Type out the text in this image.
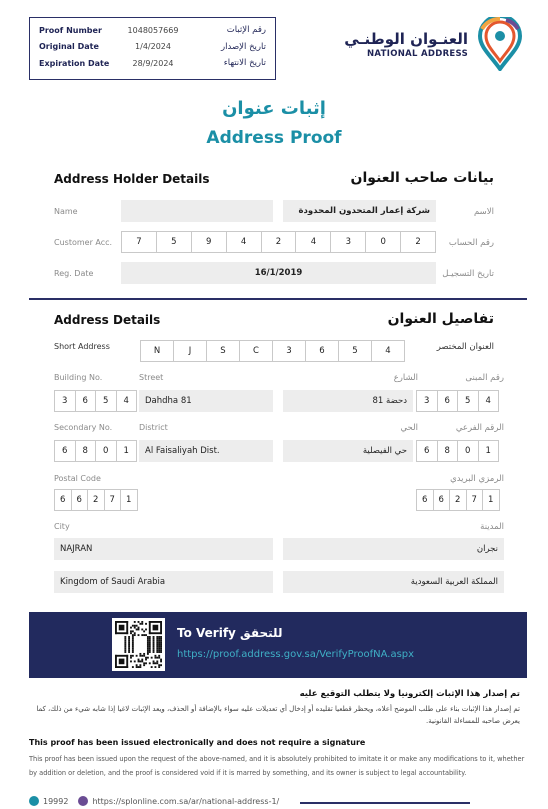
Proof Number	1048057669	رقم الإثبات
Original Date	1/4/2024	تاريخ الإصدار
Expiration Date	28/9/2024	تاريخ الانتهاء
العنـوان الوطنـي
NATIONAL ADDRESS
إثبات عنوان
Address Proof
Address Holder Details	بيانات صاحب العنوان
Name	شركة إعمار المتحدون المحدودة	الاسم
Customer Acc.	7	5	9	4	2	4	3	0	2	رقم الحساب
Reg. Date	16/1/2019	تاريخ التسجيـل
Address Details	تفاصيل العنوان
Short Address	N	J	S	C	3	6	5	4	العنوان المختصر
Building No.	Street	الشارع	رقم المبنى
3	6	5	4	Dahdha 81	دحضة 81	3	6	5	4
Secondary No.	District	الحي	الرقم الفرعي
6	8	0	1	Al Faisaliyah Dist.	حي الفيصلية	6	8	0	1
Postal Code	الرمزي البريدي
6	6	2	7	1	6	6	2	7	1
City	المدينة
NAJRAN	نجران
Kingdom of Saudi Arabia	المملكة العربية السعودية
To Verify للتحقق
https://proof.address.gov.sa/VerifyProofNA.aspx
تم إصدار هذا الإثبات إلكترونيا ولا يتطلب التوقيع عليه
تم إصدار هذا الإثبات بناء على طلب الموضح أعلاه، ويحظر قطعيا تقليده أو إدخال أي تعديلات عليه سواء بالإضافة أو الحذف، ويعد الإثبات لاغيا إذا شابه شيء من ذلك، كما يعرض صاحبه للمساءلة القانونية.
This proof has been issued electronically and does not require a signature
This proof has been issued upon the request of the above-named, and it is absolutely prohibited to imitate it or make any modifications to it, whether by addition or deletion, and the proof is considered void if it is marred by something, and its owner is subject to legal accountability.
19992	https://splonline.com.sa/ar/national-address-1/
